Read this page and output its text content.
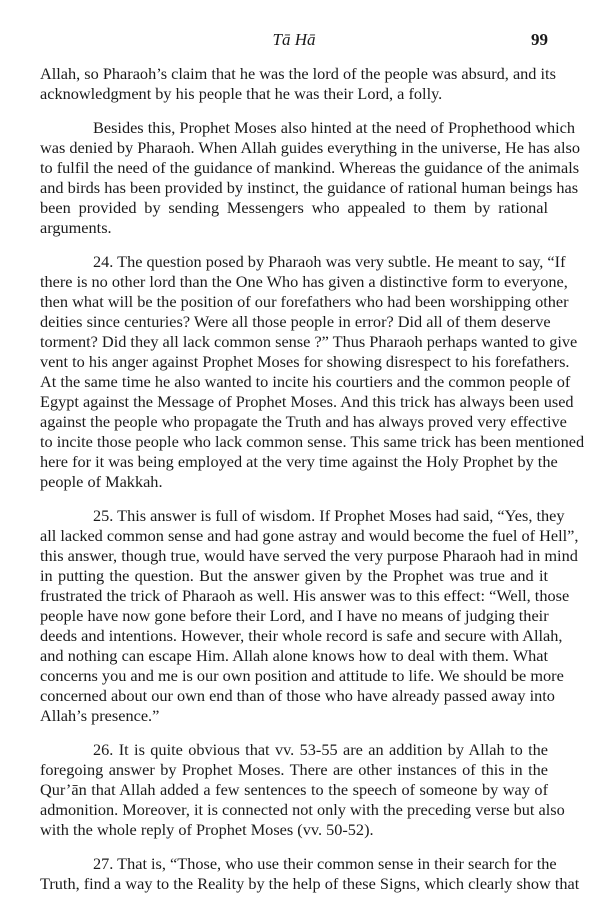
Tā Hā	99

Allah, so Pharaoh’s claim that he was the lord of the people was absurd, and its
acknowledgment by his people that he was their Lord, a folly.

Besides this, Prophet Moses also hinted at the need of Prophethood which
was denied by Pharaoh. When Allah guides everything in the universe, He has also
to fulfil the need of the guidance of mankind. Whereas the guidance of the animals
and birds has been provided by instinct, the guidance of rational human beings has
been provided by sending Messengers who appealed to them by rational
arguments.

24. The question posed by Pharaoh was very subtle. He meant to say, “If
there is no other lord than the One Who has given a distinctive form to everyone,
then what will be the position of our forefathers who had been worshipping other
deities since centuries? Were all those people in error? Did all of them deserve
torment? Did they all lack common sense ?” Thus Pharaoh perhaps wanted to give
vent to his anger against Prophet Moses for showing disrespect to his forefathers.
At the same time he also wanted to incite his courtiers and the common people of
Egypt against the Message of Prophet Moses. And this trick has always been used
against the people who propagate the Truth and has always proved very effective
to incite those people who lack common sense. This same trick has been mentioned
here for it was being employed at the very time against the Holy Prophet by the
people of Makkah.

25. This answer is full of wisdom. If Prophet Moses had said, “Yes, they
all lacked common sense and had gone astray and would become the fuel of Hell”,
this answer, though true, would have served the very purpose Pharaoh had in mind
in putting the question. But the answer given by the Prophet was true and it
frustrated the trick of Pharaoh as well. His answer was to this effect: “Well, those
people have now gone before their Lord, and I have no means of judging their
deeds and intentions. However, their whole record is safe and secure with Allah,
and nothing can escape Him. Allah alone knows how to deal with them. What
concerns you and me is our own position and attitude to life. We should be more
concerned about our own end than of those who have already passed away into
Allah’s presence.”

26. It is quite obvious that vv. 53-55 are an addition by Allah to the
foregoing answer by Prophet Moses. There are other instances of this in the
Qur’ān that Allah added a few sentences to the speech of someone by way of
admonition. Moreover, it is connected not only with the preceding verse but also
with the whole reply of Prophet Moses (vv. 50-52).

27. That is, “Those, who use their common sense in their search for the
Truth, find a way to the Reality by the help of these Signs, which clearly show that
